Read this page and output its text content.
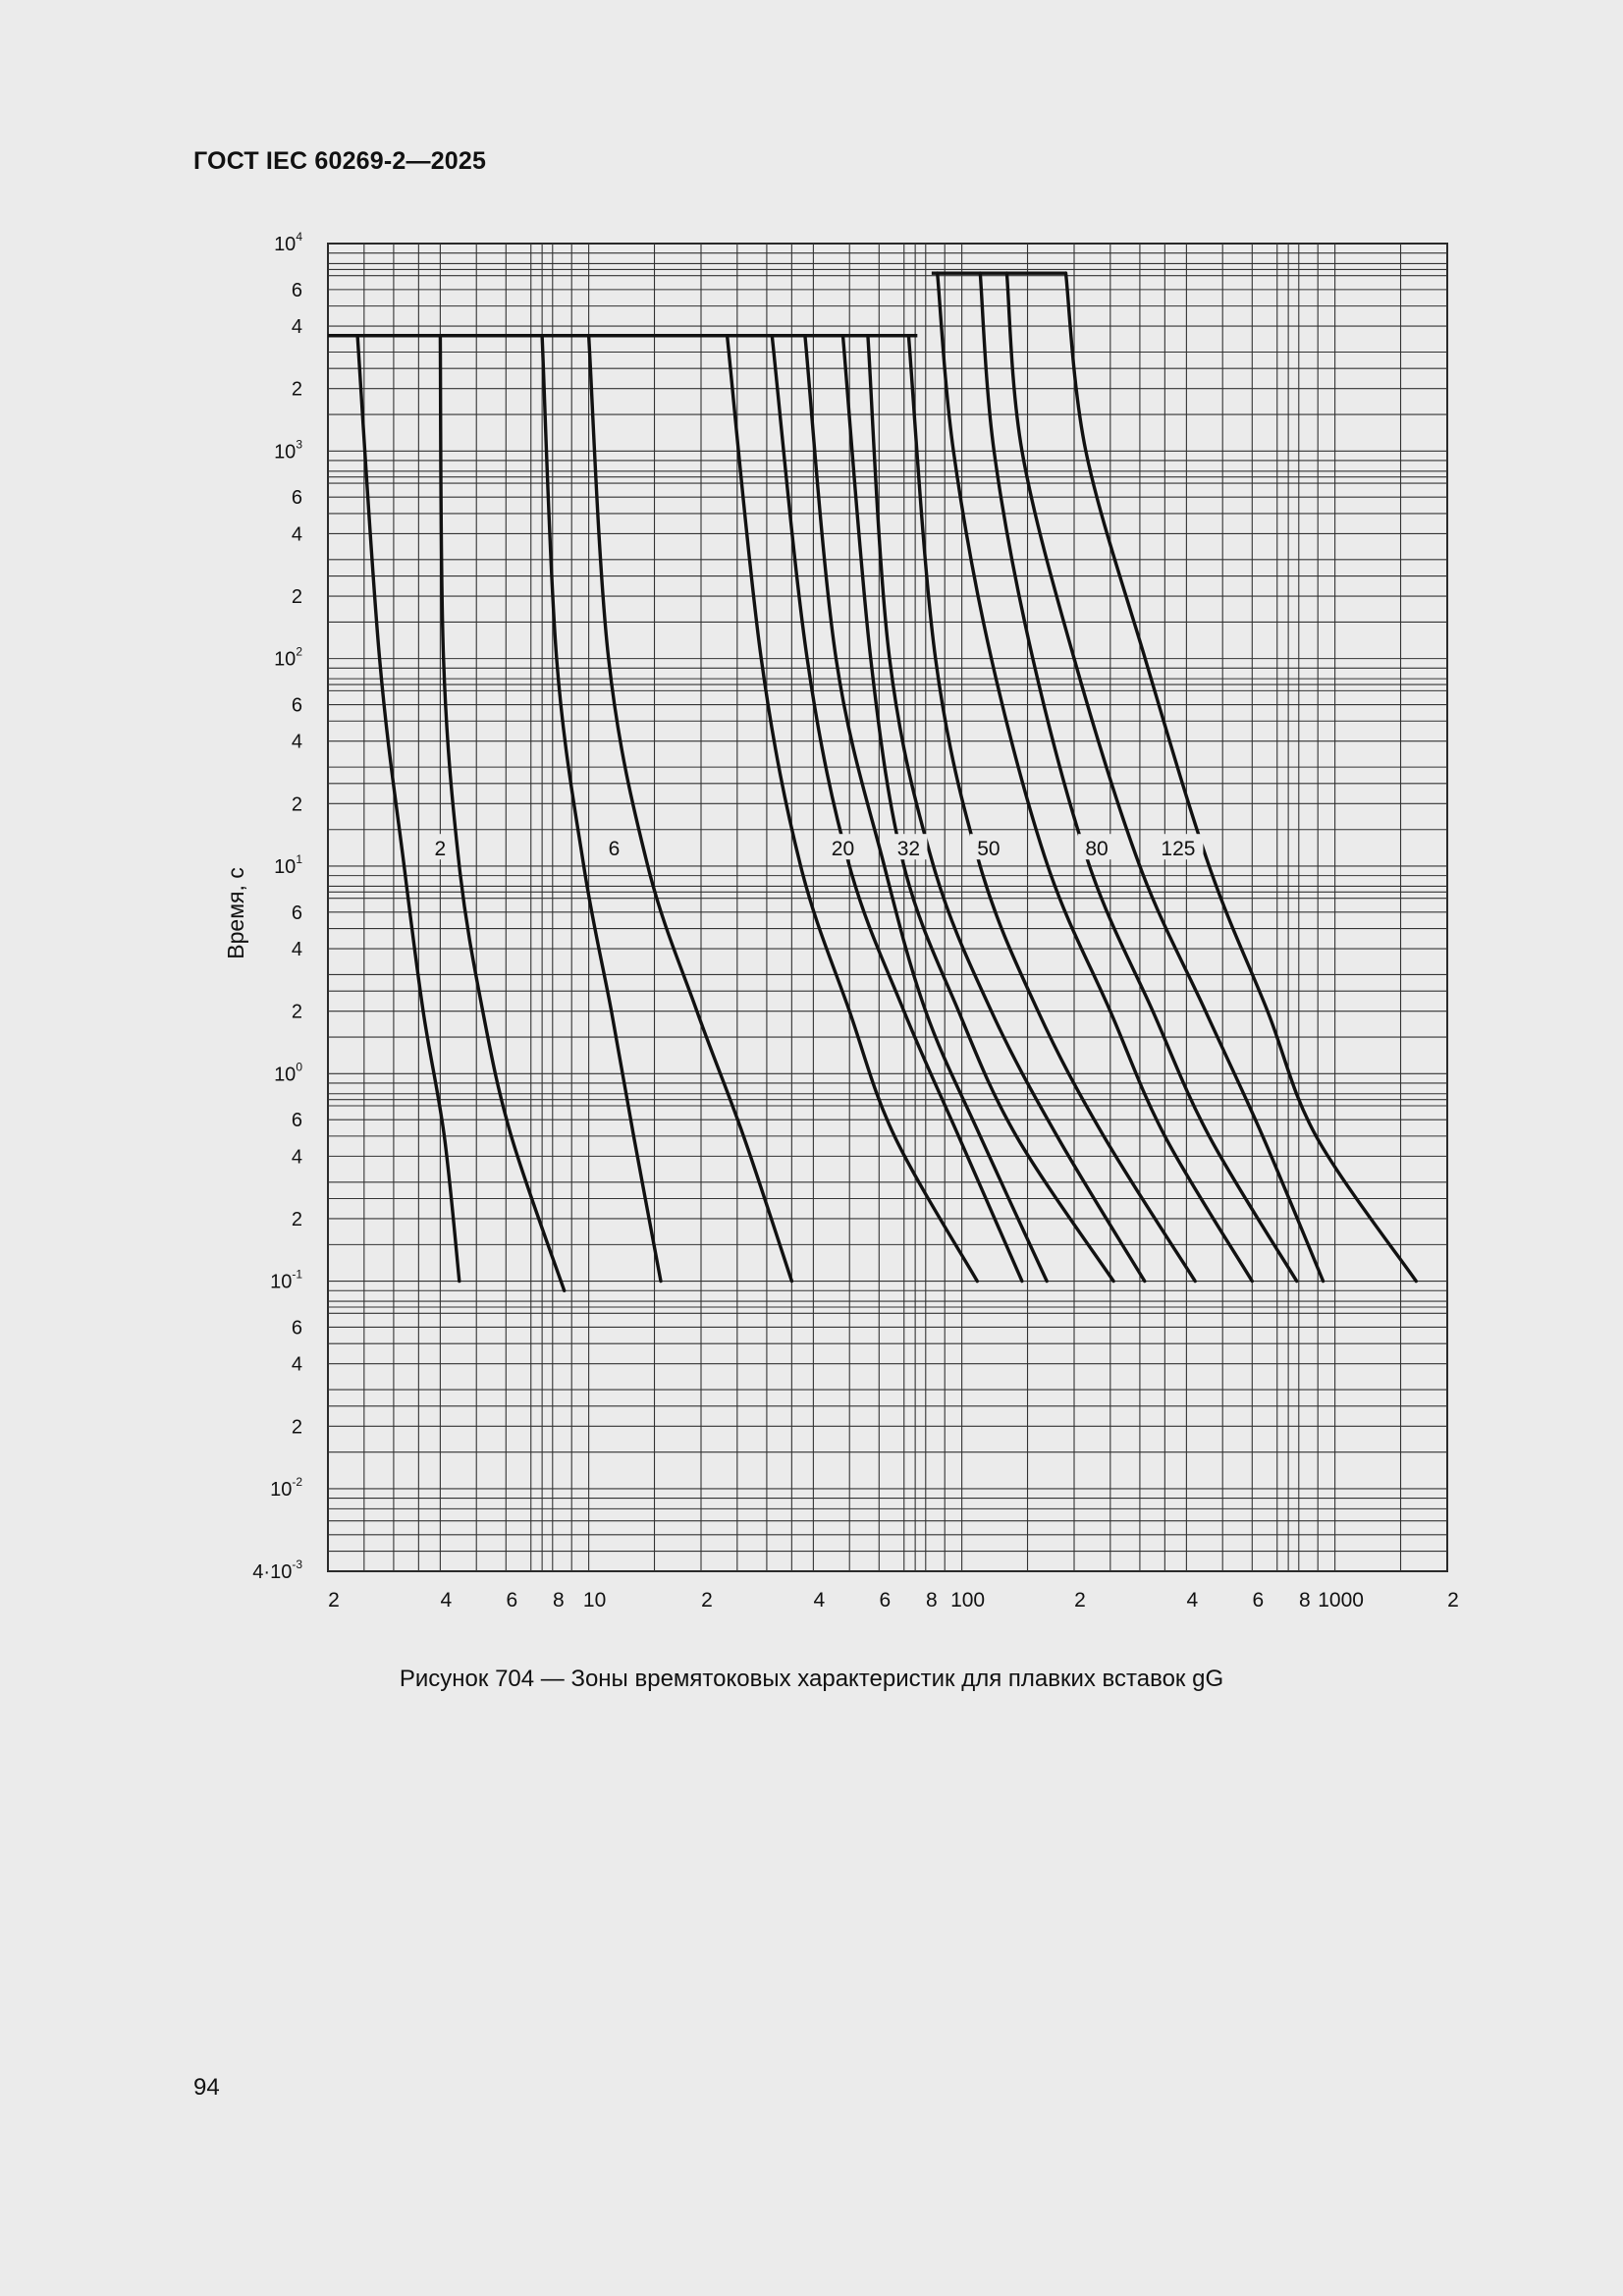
ГОСТ IEC 60269-2—2025
2	6	20 32	50	80	125
2	4	6 8 10	2	4	6 8 100	2	4	6 8 1000	2
$10^4$
6
4
2
$10^3$
6
4
2
$10^2$
6
4
2
$10^1$
6
4
2
$10^0$
6
4
2
$10^{-1}$
6
4
2
$10^{-2}$
$4\cdot 10^{-3}$
Время, с
Рисунок 704 — Зоны времятоковых характеристик для плавких вставок gG
94
